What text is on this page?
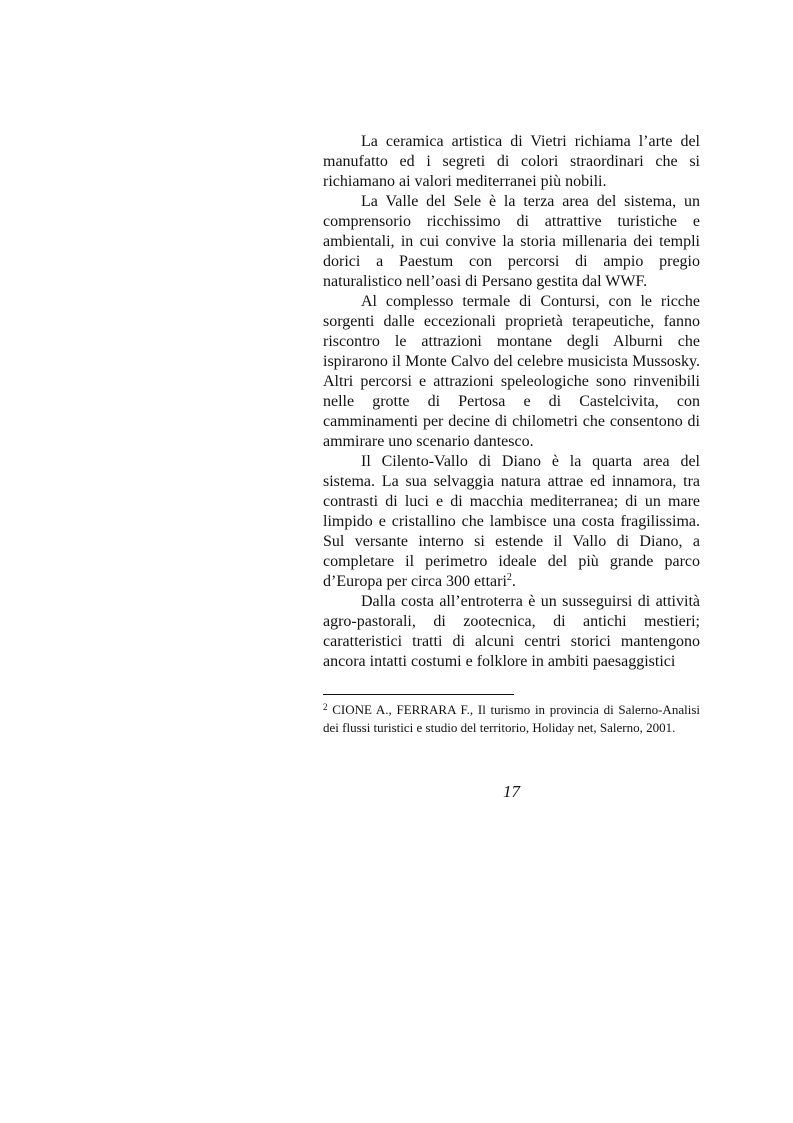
La ceramica artistica di Vietri richiama l’arte del manufatto ed i segreti di colori straordinari che si richiamano ai valori mediterranei più nobili.

La Valle del Sele è la terza area del sistema, un comprensorio ricchissimo di attrattive turistiche e ambientali, in cui convive la storia millenaria dei templi dorici a Paestum con percorsi di ampio pregio naturalistico nell’oasi di Persano gestita dal WWF.

Al complesso termale di Contursi, con le ricche sorgenti dalle eccezionali proprietà terapeutiche, fanno riscontro le attrazioni montane degli Alburni che ispirarono il Monte Calvo del celebre musicista Mussosky. Altri percorsi e attrazioni speleologiche sono rinvenibili nelle grotte di Pertosa e di Castelcivita, con camminamenti per decine di chilometri che consentono di ammirare uno scenario dantesco.

Il Cilento-Vallo di Diano è la quarta area del sistema. La sua selvaggia natura attrae ed innamora, tra contrasti di luci e di macchia mediterranea; di un mare limpido e cristallino che lambisce una costa fragilissima. Sul versante interno si estende il Vallo di Diano, a completare il perimetro ideale del più grande parco d’Europa per circa 300 ettari$^2$.

Dalla costa all’entroterra è un susseguirsi di attività agro-pastorali, di zootecnica, di antichi mestieri; caratteristici tratti di alcuni centri storici mantengono ancora intatti costumi e folklore in ambiti paesaggistici

$^2$ CIONE A., FERRARA F., Il turismo in provincia di Salerno-Analisi dei flussi turistici e studio del territorio, Holiday net, Salerno, 2001.
17
